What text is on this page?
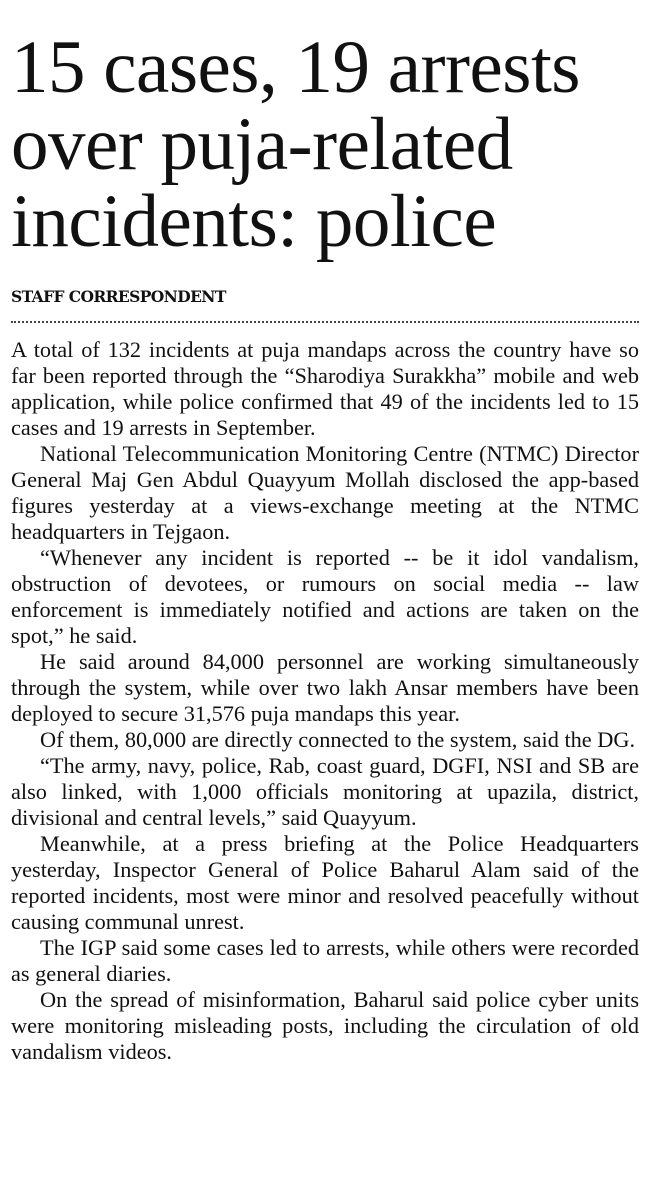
15 cases, 19 arrests
over puja-related
incidents: police
STAFF CORRESPONDENT

A total of 132 incidents at puja mandaps across the country have so far been reported through the “Sharodiya Surakkha” mobile and web application, while police confirmed that 49 of the incidents led to 15 cases and 19 arrests in September.

National Telecommunication Monitoring Centre (NTMC) Director General Maj Gen Abdul Quayyum Mollah disclosed the app-based figures yesterday at a views-exchange meeting at the NTMC headquarters in Tejgaon.

“Whenever any incident is reported -- be it idol vandalism, obstruction of devotees, or rumours on social media -- law enforcement is immediately notified and actions are taken on the spot,” he said.

He said around 84,000 personnel are working simultaneously through the system, while over two lakh Ansar members have been deployed to secure 31,576 puja mandaps this year.

Of them, 80,000 are directly connected to the system, said the DG.

“The army, navy, police, Rab, coast guard, DGFI, NSI and SB are also linked, with 1,000 officials monitoring at upazila, district, divisional and central levels,” said Quayyum.

Meanwhile, at a press briefing at the Police Headquarters yesterday, Inspector General of Police Baharul Alam said of the reported incidents, most were minor and resolved peacefully without causing communal unrest.

The IGP said some cases led to arrests, while others were recorded as general diaries.

On the spread of misinformation, Baharul said police cyber units were monitoring misleading posts, including the circulation of old vandalism videos.
